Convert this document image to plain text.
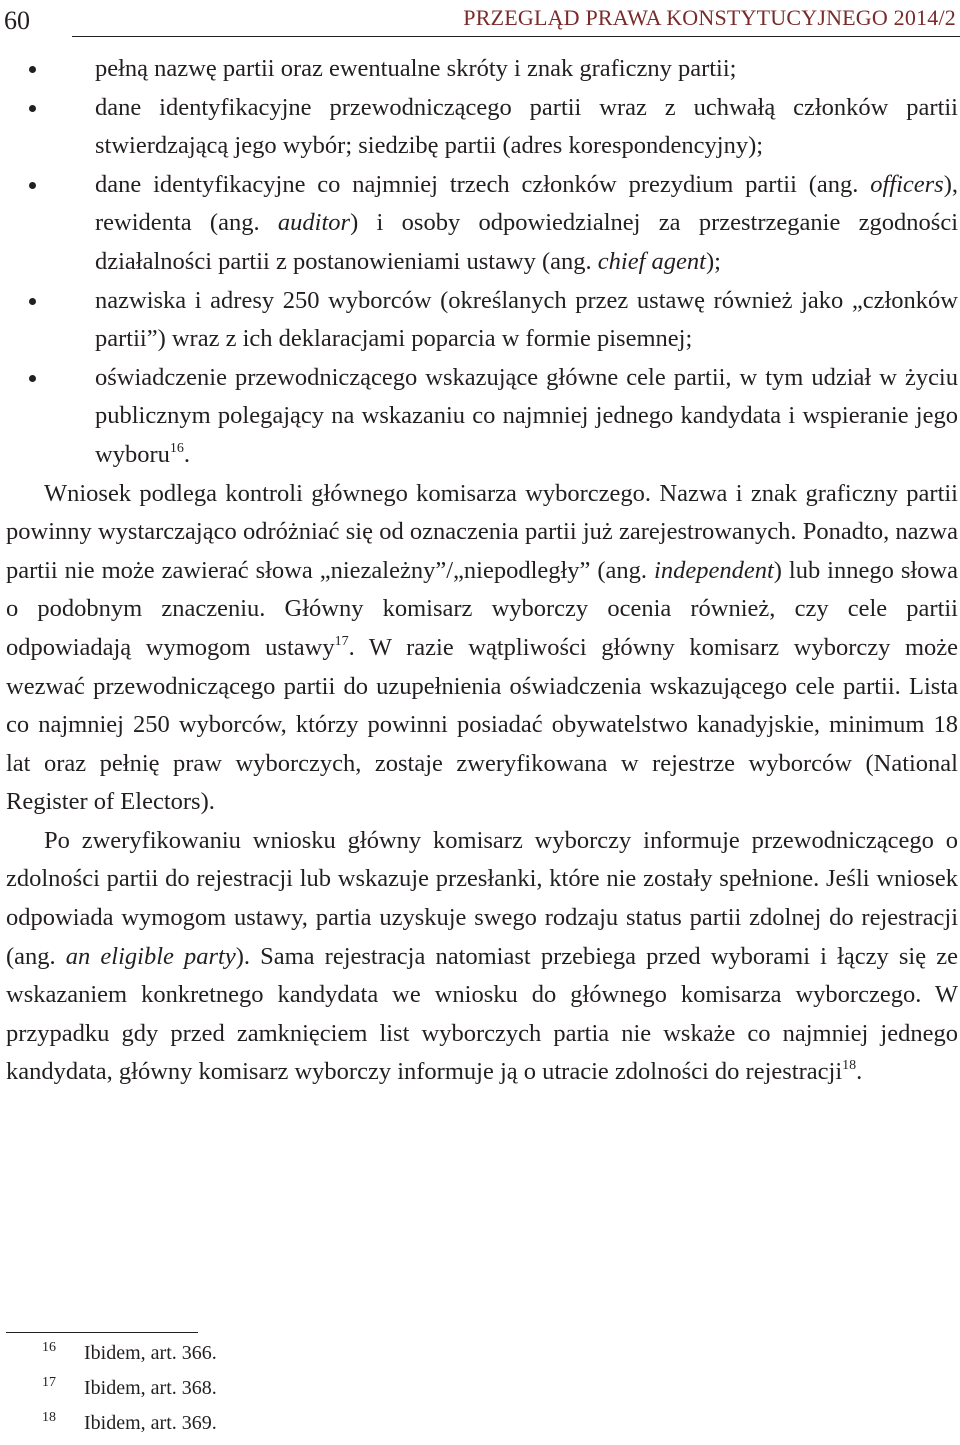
60	PRZEGLĄD PRAWA KONSTYTUCYJNEGO 2014/2
pełną nazwę partii oraz ewentualne skróty i znak graficzny partii;
dane identyfikacyjne przewodniczącego partii wraz z uchwałą członków partii stwierdzającą jego wybór; siedzibę partii (adres korespondencyjny);
dane identyfikacyjne co najmniej trzech członków prezydium partii (ang. officers), rewidenta (ang. auditor) i osoby odpowiedzialnej za przestrzeganie zgodności działalności partii z postanowieniami ustawy (ang. chief agent);
nazwiska i adresy 250 wyborców (określanych przez ustawę również jako „członków partii”) wraz z ich deklaracjami poparcia w formie pisemnej;
oświadczenie przewodniczącego wskazujące główne cele partii, w tym udział w życiu publicznym polegający na wskazaniu co najmniej jednego kandydata i wspieranie jego wyboru$^{16}$.

Wniosek podlega kontroli głównego komisarza wyborczego. Nazwa i znak graficzny partii powinny wystarczająco odróżniać się od oznaczenia partii już zarejestrowanych. Ponadto, nazwa partii nie może zawierać słowa „niezależny”/„niepodległy” (ang. independent) lub innego słowa o podobnym znaczeniu. Główny komisarz wyborczy ocenia również, czy cele partii odpowiadają wymogom ustawy$^{17}$. W razie wątpliwości główny komisarz wyborczy może wezwać przewodniczącego partii do uzupełnienia oświadczenia wskazującego cele partii. Lista co najmniej 250 wyborców, którzy powinni posiadać obywatelstwo kanadyjskie, minimum 18 lat oraz pełnię praw wyborczych, zostaje zweryfikowana w rejestrze wyborców (National Register of Electors).

Po zweryfikowaniu wniosku główny komisarz wyborczy informuje przewodniczącego o zdolności partii do rejestracji lub wskazuje przesłanki, które nie zostały spełnione. Jeśli wniosek odpowiada wymogom ustawy, partia uzyskuje swego rodzaju status partii zdolnej do rejestracji (ang. an eligible party). Sama rejestracja natomiast przebiega przed wyborami i łączy się ze wskazaniem konkretnego kandydata we wniosku do głównego komisarza wyborczego. W przypadku gdy przed zamknięciem list wyborczych partia nie wskaże co najmniej jednego kandydata, główny komisarz wyborczy informuje ją o utracie zdolności do rejestracji$^{18}$.

16 Ibidem, art. 366.
17 Ibidem, art. 368.
18 Ibidem, art. 369.
